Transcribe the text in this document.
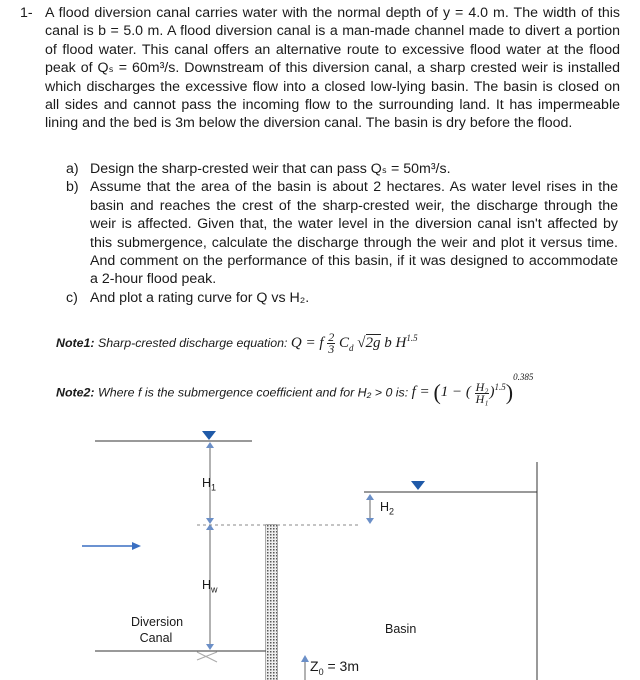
1- A flood diversion canal carries water with the normal depth of y = 4.0 m. The width of this canal is b = 5.0 m. A flood diversion canal is a man-made channel made to divert a portion of flood water. This canal offers an alternative route to excessive flood water at the flood peak of Qₛ = 60m³/s. Downstream of this diversion canal, a sharp crested weir is installed which discharges the excessive flow into a closed low-lying basin. The basin is closed on all sides and cannot pass the incoming flow to the surrounding land. It has impermeable lining and the bed is 3m below the diversion canal. The basin is dry before the flood.
a) Design the sharp-crested weir that can pass Qₛ = 50m³/s.
b) Assume that the area of the basin is about 2 hectares. As water level rises in the basin and reaches the crest of the sharp-crested weir, the discharge through the weir is affected. Given that, the water level in the diversion canal isn't affected by this submergence, calculate the discharge through the weir and plot it versus time. And comment on the performance of this basin, if it was designed to accommodate a 2-hour flood peak.
c) And plot a rating curve for Q vs H₂.
Note1: Sharp-crested discharge equation: Q = f $\frac{2}{3} C_d$ √2g b $H^{1.5}$
Note2: Where f is the submergence coefficient and for H₂ > 0 is: f = (1 − ( $\frac{\text{H₂}}{\text{H₁}} )^{1.5})^{0.385}$
$H_1$
$H_w$
$H_2$
Diversion
Canal
Basin
$Z_0 = 3m$
